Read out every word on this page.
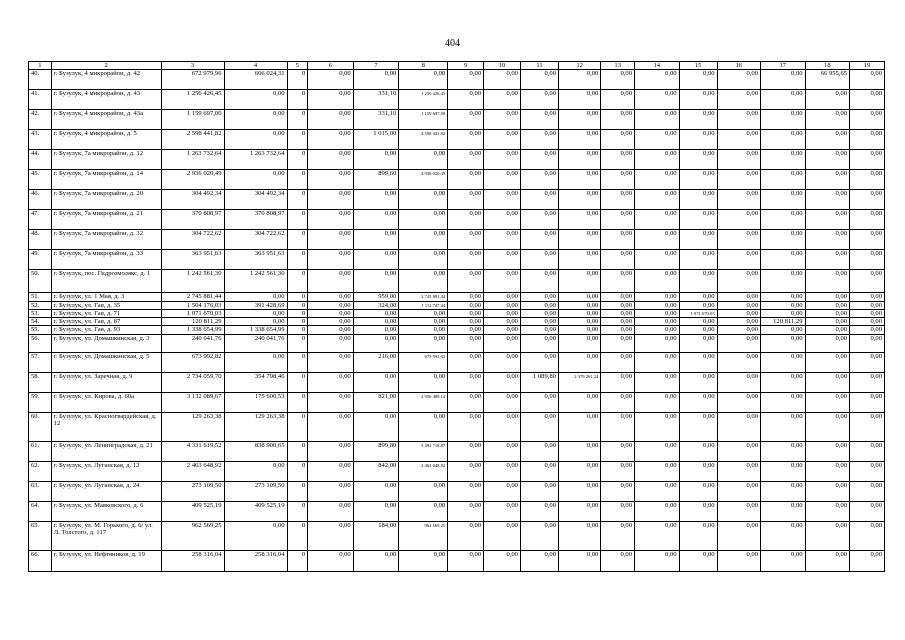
404
1	2	3	4	5	6	7	8	9	10	11	12	13	14	15	16	17	18	19
40.	г. Бузулук, 4 микрорайон, д. 42	672 979,96	606 024,31	0	0,00	0,00	0,00	0,00	0,00	0,00	0,00	0,00	0,00	0,00	0,00	0,00	66 955,65	0,00
41.	г. Бузулук, 4 микрорайон, д. 43	1 256 426,45	0,00	0	0,00	331,10	1 256 426,45	0,00	0,00	0,00	0,00	0,00	0,00	0,00	0,00	0,00	0,00	0,00
42.	г. Бузулук, 4 микрорайон, д. 43а	1 159 697,00	0,00	0	0,00	331,10	1 159 697,00	0,00	0,00	0,00	0,00	0,00	0,00	0,00	0,00	0,00	0,00	0,00
43.	г. Бузулук, 4 микрорайон, д. 5	2 598 441,82	0,00	0	0,00	1 015,00	2 598 441,82	0,00	0,00	0,00	0,00	0,00	0,00	0,00	0,00	0,00	0,00	0,00
44.	г. Бузулук, 7а микрорайон, д. 12	1 263 732,64	1 263 732,64	0	0,00	0,00	0,00	0,00	0,00	0,00	0,00	0,00	0,00	0,00	0,00	0,00	0,00	0,00
45.	г. Бузулук, 7а микрорайон, д. 14	2 936 020,49	0,00	0	0,00	899,60	2 936 020,49	0,00	0,00	0,00	0,00	0,00	0,00	0,00	0,00	0,00	0,00	0,00
46.	г. Бузулук, 7а микрорайон, д. 20	304 492,34	304 492,34	0	0,00	0,00	0,00	0,00	0,00	0,00	0,00	0,00	0,00	0,00	0,00	0,00	0,00	0,00
47.	г. Бузулук, 7а микрорайон, д. 21	370 808,97	370 808,97	0	0,00	0,00	0,00	0,00	0,00	0,00	0,00	0,00	0,00	0,00	0,00	0,00	0,00	0,00
48.	г. Бузулук, 7а микрорайон, д. 32	304 722,62	304 722,62	0	0,00	0,00	0,00	0,00	0,00	0,00	0,00	0,00	0,00	0,00	0,00	0,00	0,00	0,00
49.	г. Бузулук, 7а микрорайон, д. 33	363 951,63	363 951,63	0	0,00	0,00	0,00	0,00	0,00	0,00	0,00	0,00	0,00	0,00	0,00	0,00	0,00	0,00
50.	г. Бузулук, пос. Гидрозмолякс, д. 1	1 242 561,30	1 242 561,30	0	0,00	0,00	0,00	0,00	0,00	0,00	0,00	0,00	0,00	0,00	0,00	0,00	0,00	0,00
51.	г. Бузулук, ул. 1 Мая, д. 3	2 745 881,44	0,00	0	0,00	959,00	2 745 881,44	0,00	0,00	0,00	0,00	0,00	0,00	0,00	0,00	0,00	0,00	0,00
52.	г. Бузулук, ул. Гая, д. 35	1 504 176,03	391 428,69	0	0,00	324,00	1 112 747,34	0,00	0,00	0,00	0,00	0,00	0,00	0,00	0,00	0,00	0,00	0,00
53.	г. Бузулук, ул. Гая, д. 71	1 071 670,03	0,00	0	0,00	0,00	0,00	0,00	0,00	0,00	0,00	0,00	0,00	1 071 670,03	0,00	0,00	0,00	0,00
54.	г. Бузулук, ул. Гая, д. 87	120 811,29	0,00	0	0,00	0,00	0,00	0,00	0,00	0,00	0,00	0,00	0,00	0,00	0,00	120 811,29	0,00	0,00
55.	г. Бузулук, ул. Гая, д. 93	1 338 654,99	1 338 654,99	0	0,00	0,00	0,00	0,00	0,00	0,00	0,00	0,00	0,00	0,00	0,00	0,00	0,00	0,00
56.	г. Бузулук, ул. Домашкинская, д. 3	240 041,76	240 041,76	0	0,00	0,00	0,00	0,00	0,00	0,00	0,00	0,00	0,00	0,00	0,00	0,00	0,00	0,00
57.	г. Бузулук, ул. Домашкинская, д. 5	673 992,82	0,00	0	0,00	216,00	673 992,82	0,00	0,00	0,00	0,00	0,00	0,00	0,00	0,00	0,00	0,00	0,00
58.	г. Бузулук, ул. Заречная, д. 9	2 734 059,70	354 798,46	0	0,00	0,00	0,00	0,00	0,00	1 089,80	2 379 261,24	0,00	0,00	0,00	0,00	0,00	0,00	0,00
59.	г. Бузулук, ул. Кирова, д. 60а	3 132 089,67	175 600,53	0	0,00	821,00	2 956 489,14	0,00	0,00	0,00	0,00	0,00	0,00	0,00	0,00	0,00	0,00	0,00
60.	г. Бузулук, ул. Красногвардейская, д. 12	129 263,38	129 263,38	0	0,00	0,00	0,00	0,00	0,00	0,00	0,00	0,00	0,00	0,00	0,00	0,00	0,00	0,00
61.	г. Бузулук, ул. Ленинградская, д. 21	4 331 619,52	838 900,65	0	0,00	899,80	3 492 718,87	0,00	0,00	0,00	0,00	0,00	0,00	0,00	0,00	0,00	0,00	0,00
62.	г. Бузулук, ул. Луганская, д. 12	2 463 648,92	0,00	0	0,00	842,00	2 463 648,92	0,00	0,00	0,00	0,00	0,00	0,00	0,00	0,00	0,00	0,00	0,00
63.	г. Бузулук, ул. Луганская, д. 24	273 109,50	273 109,50	0	0,00	0,00	0,00	0,00	0,00	0,00	0,00	0,00	0,00	0,00	0,00	0,00	0,00	0,00
64.	г. Бузулук, ул. Маяковского, д. 6	409 525,19	409 525,19	0	0,00	0,00	0,00	0,00	0,00	0,00	0,00	0,00	0,00	0,00	0,00	0,00	0,00	0,00
65.	г. Бузулук, ул. М. Горького, д. 6/ ул. Л. Толстого, д. 117	962 569,25	0,00	0	0,00	184,00	962 569,25	0,00	0,00	0,00	0,00	0,00	0,00	0,00	0,00	0,00	0,00	0,00
66.	г. Бузулук, ул. Нефтяников, д. 19	258 316,04	258 316,04	0	0,00	0,00	0,00	0,00	0,00	0,00	0,00	0,00	0,00	0,00	0,00	0,00	0,00	0,00
